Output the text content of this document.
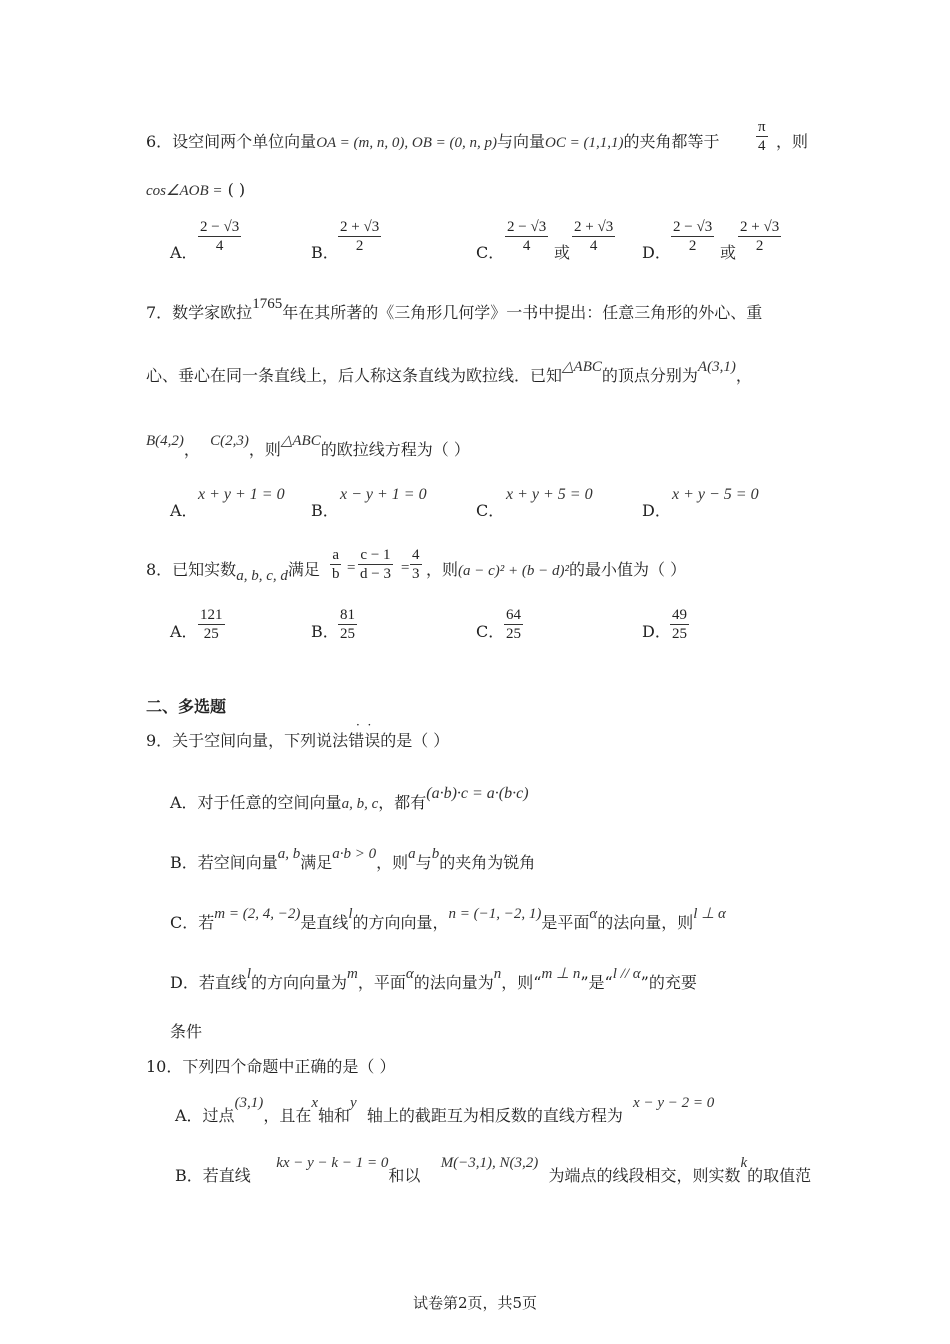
6．设空间两个单位向量OA = (m, n, 0), OB = (0, n, p)与向量OC = (1,1,1)的夹角都等于 $\frac{\pi}{4}$ ，则
cos∠AOB = ( )
A． $\frac{2 - √3}{4}$	B． $\frac{2 + √3}{2}$	C． $\frac{2 - √3}{4}$ 或 $\frac{2 + √3}{4}$ D． $\frac{2 - √3}{2}$ 或 $\frac{2 + √3}{2}$
7．数学家欧拉1765年在其所著的《三角形几何学》一书中提出：任意三角形的外心、重
心、垂心在同一条直线上，后人称这条直线为欧拉线．已知△ABC的顶点分别为A(3,1)，
B(4,2)， C(2,3)，则△ABC的欧拉线方程为（ ）
A．
x + y + 1 = 0
B．
x − y + 1 = 0
C．
x + y + 5 = 0
D．
x + y − 5 = 0
8．已知实数a, b, c, d满足 $\frac{a}{b} = \frac{c - 1}{d - 3} = \frac{4}{3}$ ，则(a − c)² + (b − d)²的最小值为（ ）
A． $\frac{121}{25}$	B． $\frac{81}{25}$	C． $\frac{64}{25}$	D． $\frac{49}{25}$
二、多选题
9．关于空间向量，下列说法错误的是（ ）
·  ·
A．对于任意的空间向量a, b, c，都有(a·b)·c = a·(b·c)
B．若空间向量a, b满足a·b > 0，则a与b的夹角为锐角
C．若m = (2, 4, −2)是直线l的方向向量，n = (−1, −2, 1)是平面α的法向量，则l ⊥ α
D．若直线l的方向向量为m，平面α的法向量为n，则“m ⊥ n”是“l // α”的充要
条件
10．下列四个命题中正确的是（ ）
A．过点(3,1)，且在x轴和y  轴上的截距互为相反数的直线方程为  x − y − 2 = 0
B．若直线     kx − y − k − 1 = 0和以    M(−3,1), N(3,2)  为端点的线段相交，则实数k的取值范
试卷第2页，共5页
